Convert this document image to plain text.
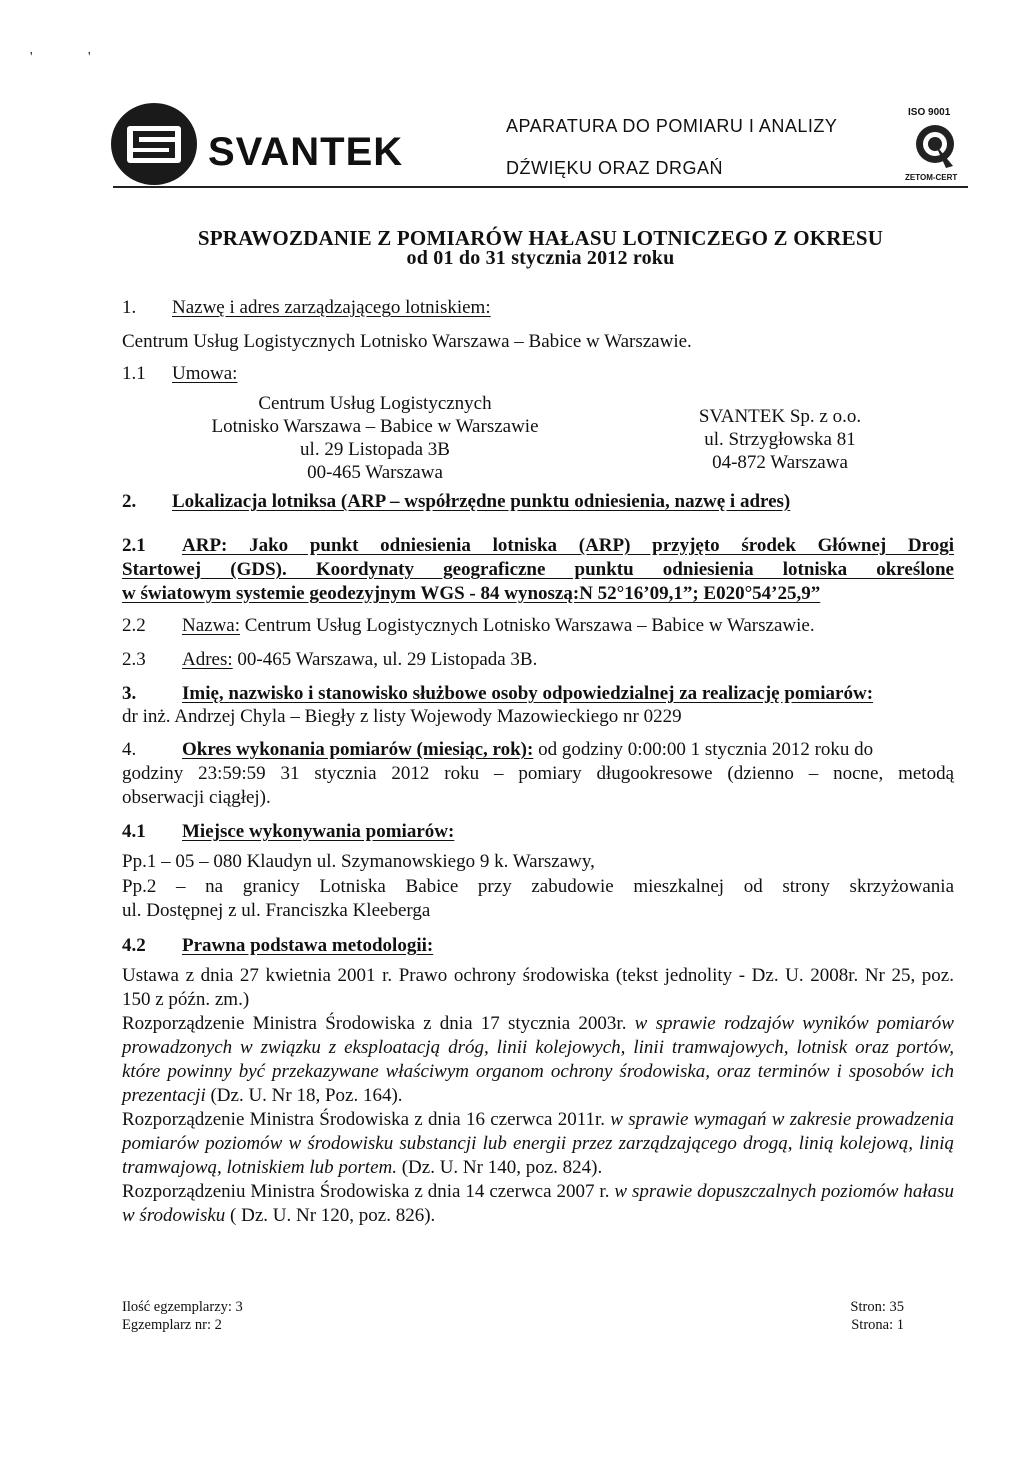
'	'
SVANTEK
APARATURA DO POMIARU I ANALIZY
DŹWIĘKU ORAZ DRGAŃ
ISO 9001
ZETOM-CERT
SPRAWOZDANIE Z POMIARÓW HAŁASU LOTNICZEGO Z OKRESU
od 01 do 31 stycznia 2012 roku
1. Nazwę i adres zarządzającego lotniskiem:
Centrum Usług Logistycznych Lotnisko Warszawa – Babice w Warszawie.
1.1 Umowa:
Centrum Usług Logistycznych
Lotnisko Warszawa – Babice w Warszawie
ul. 29 Listopada 3B
00-465 Warszawa
SVANTEK Sp. z o.o.
ul. Strzygłowska 81
04-872 Warszawa
2. Lokalizacja lotniksa (ARP – współrzędne punktu odniesienia, nazwę i adres)
2.1	ARP: Jako punkt odniesienia lotniska (ARP) przyjęto środek Głównej Drogi
Startowej (GDS). Koordynaty geograficzne punktu odniesienia lotniska określone
w światowym systemie geodezyjnym WGS - 84 wynoszą:N 52°16’09,1”; E020°54’25,9”
2.2 Nazwa: Centrum Usług Logistycznych Lotnisko Warszawa – Babice w Warszawie.
2.3 Adres: 00-465 Warszawa, ul. 29 Listopada 3B.
3. Imię, nazwisko i stanowisko służbowe osoby odpowiedzialnej za realizację pomiarów:
dr inż. Andrzej Chyla – Biegły z listy Wojewody Mazowieckiego nr 0229
4. Okres wykonania pomiarów (miesiąc, rok): od godziny 0:00:00 1 stycznia 2012 roku do
godziny 23:59:59 31 stycznia 2012 roku – pomiary długookresowe (dziennо – nocne, metodą
obserwacji ciągłej).
4.1 Miejsce wykonywania pomiarów:
Pp.1 – 05 – 080 Klaudyn ul. Szymanowskiego 9 k. Warszawy,
Pp.2 – na granicy Lotniska Babice przy zabudowie mieszkalnej od strony skrzyżowania
ul. Dostępnej z ul. Franciszka Kleeberga
4.2 Prawna podstawa metodologii:
Ustawa z dnia 27 kwietnia 2001 r. Prawo ochrony środowiska (tekst jednolity - Dz. U. 2008r. Nr 25, poz. 150 z późn. zm.)
Rozporządzenie Ministra Środowiska z dnia 17 stycznia 2003r. w sprawie rodzajów wyników pomiarów prowadzonych w związku z eksploatacją dróg, linii kolejowych, linii tramwajowych, lotnisk oraz portów, które powinny być przekazywane właściwym organom ochrony środowiska, oraz terminów i sposobów ich prezentacji (Dz. U. Nr 18, Poz. 164).
Rozporządzenie Ministra Środowiska z dnia 16 czerwca 2011r. w sprawie wymagań w zakresie prowadzenia pomiarów poziomów w środowisku substancji lub energii przez zarządzającego drogą, linią kolejową, linią tramwajową, lotniskiem lub portem. (Dz. U. Nr 140, poz. 824).
Rozporządzeniu Ministra Środowiska z dnia 14 czerwca 2007 r. w sprawie dopuszczalnych poziomów hałasu w środowisku ( Dz. U. Nr 120, poz. 826).
Ilość egzemplarzy: 3
Egzemplarz nr: 2
Stron: 35
Strona: 1
